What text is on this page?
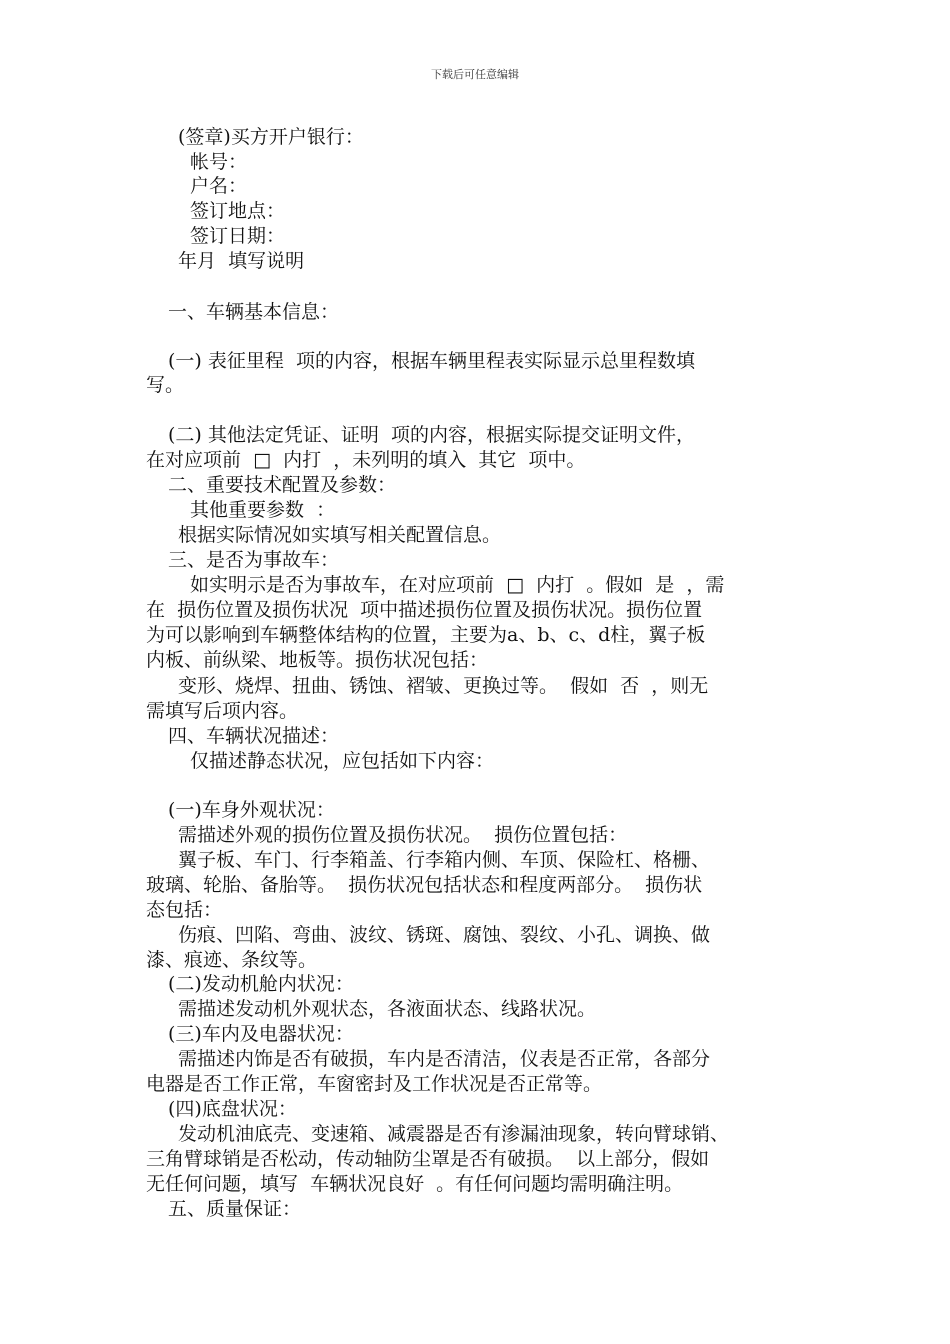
下载后可任意编辑
(签章)买方开户银行：
帐号：
户名：
签订地点：
签订日期：
年月  填写说明
一、车辆基本信息：
(一) 表征里程  项的内容，根据车辆里程表实际显示总里程数填
写。
(二) 其他法定凭证、证明  项的内容，根据实际提交证明文件，
在对应项前  □  内打  ，未列明的填入  其它  项中。
二、重要技术配置及参数：
其他重要参数  ：
根据实际情况如实填写相关配置信息。
三、是否为事故车：
如实明示是否为事故车，在对应项前  □  内打  。假如  是  ，需
在  损伤位置及损伤状况  项中描述损伤位置及损伤状况。损伤位置
为可以影响到车辆整体结构的位置，主要为a、b、c、d柱，翼子板
内板、前纵梁、地板等。损伤状况包括：
变形、烧焊、扭曲、锈蚀、褶皱、更换过等。  假如  否  ，则无
需填写后项内容。
四、车辆状况描述：
仅描述静态状况，应包括如下内容：
(一)车身外观状况：
需描述外观的损伤位置及损伤状况。  损伤位置包括：
翼子板、车门、行李箱盖、行李箱内侧、车顶、保险杠、格栅、
玻璃、轮胎、备胎等。  损伤状况包括状态和程度两部分。  损伤状
态包括：
伤痕、凹陷、弯曲、波纹、锈斑、腐蚀、裂纹、小孔、调换、做
漆、痕迹、条纹等。
(二)发动机舱内状况：
需描述发动机外观状态，各液面状态、线路状况。
(三)车内及电器状况：
需描述内饰是否有破损，车内是否清洁，仪表是否正常，各部分
电器是否工作正常，车窗密封及工作状况是否正常等。
(四)底盘状况：
发动机油底壳、变速箱、减震器是否有渗漏油现象，转向臂球销、
三角臂球销是否松动，传动轴防尘罩是否有破损。  以上部分，假如
无任何问题，填写  车辆状况良好  。有任何问题均需明确注明。
五、质量保证：
